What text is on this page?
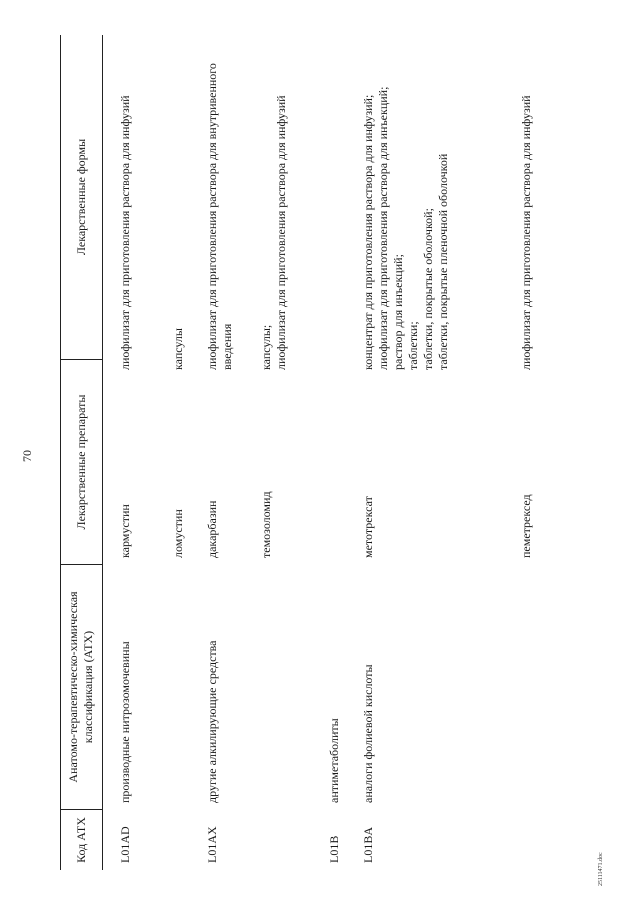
70
Код АТХ
Анатомо-терапевтическо-химическая классификация (АТХ)
Лекарственные препараты
Лекарственные формы
L01AD
производные нитрозомочевины
кармустин
лиофилизат для приготовления раствора для инфузий
ломустин
капсулы
L01AX
другие алкилирующие средства
дакарбазин
лиофилизат для приготовления раствора для внутривенного введения
темозоломид
капсулы; лиофилизат для приготовления раствора для инфузий
L01B
антиметаболиты
L01BA
аналоги фолиевой кислоты
метотрексат
концентрат для приготовления раствора для инфузий; лиофилизат для приготовления раствора для инъекций; раствор для инъекций; таблетки; таблетки, покрытые оболочкой; таблетки, покрытые пленочной оболочкой
пеметрексед
лиофилизат для приготовления раствора для инфузий
25111471.doc
